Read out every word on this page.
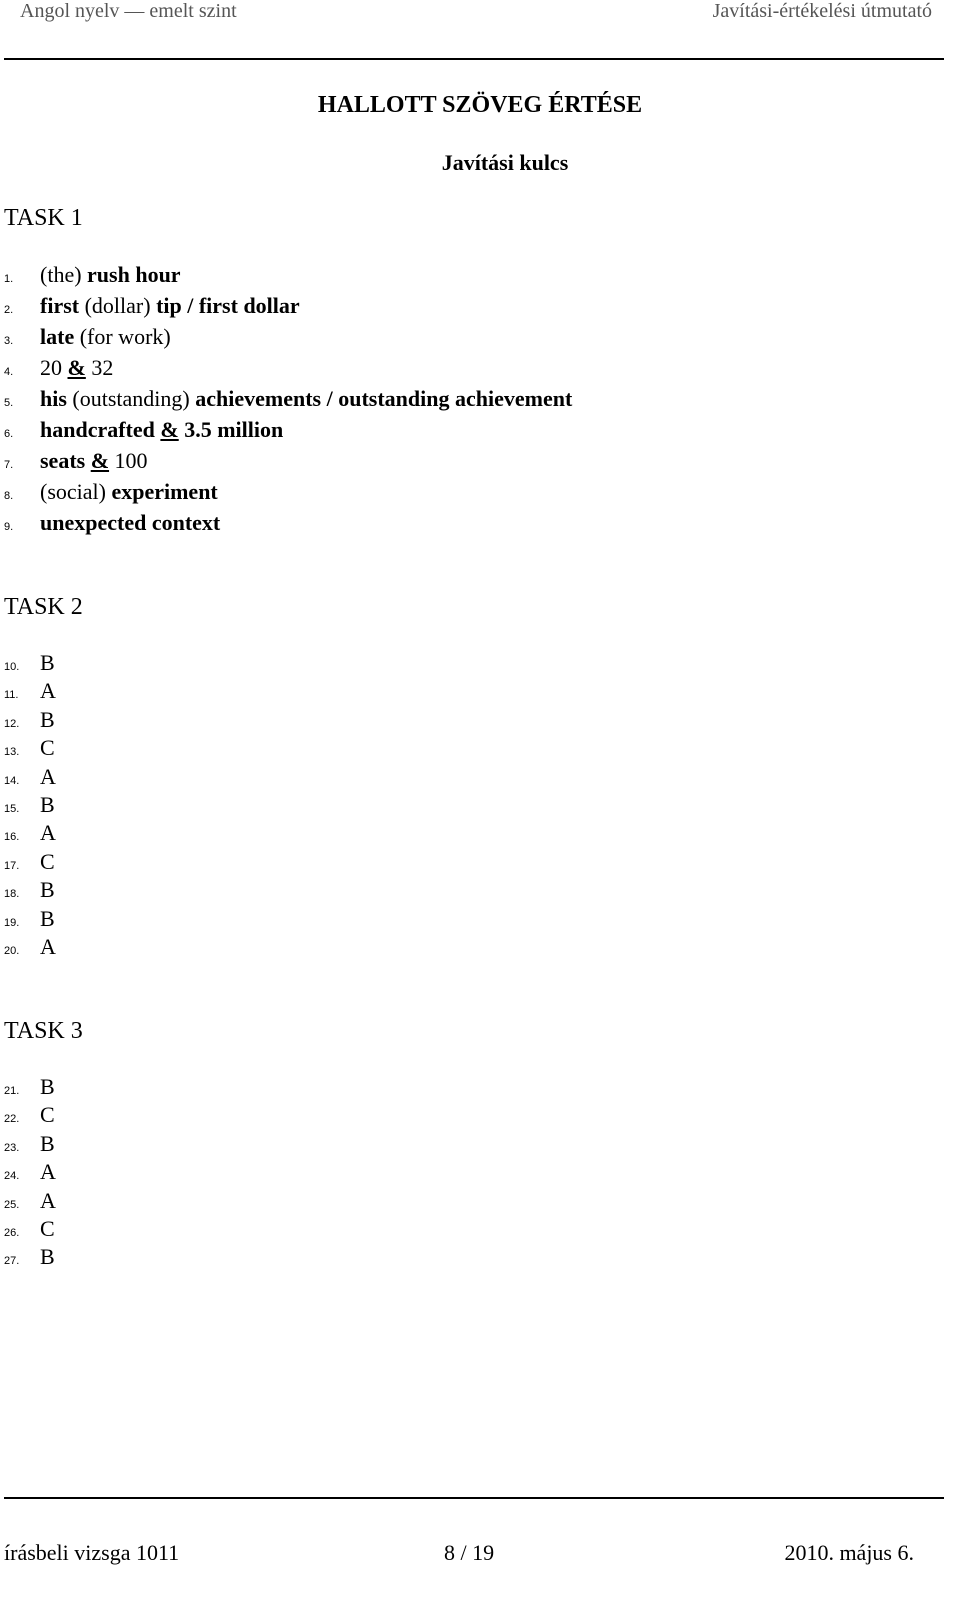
Angol nyelv — emelt szint	Javítási-értékelési útmutató
HALLOTT SZÖVEG ÉRTÉSE
Javítási kulcs
TASK 1
1.	(the) rush hour
2.	first (dollar) tip / first dollar
3.	late (for work)
4.	20 & 32
5.	his (outstanding) achievements / outstanding achievement
6.	handcrafted & 3.5 million
7.	seats & 100
8.	(social) experiment
9.	unexpected context
TASK 2
10. B
11. A
12. B
13. C
14. A
15. B
16. A
17. C
18. B
19. B
20. A
TASK 3
21. B
22. C
23. B
24. A
25. A
26. C
27. B
írásbeli vizsga 1011	8 / 19	2010. május 6.
